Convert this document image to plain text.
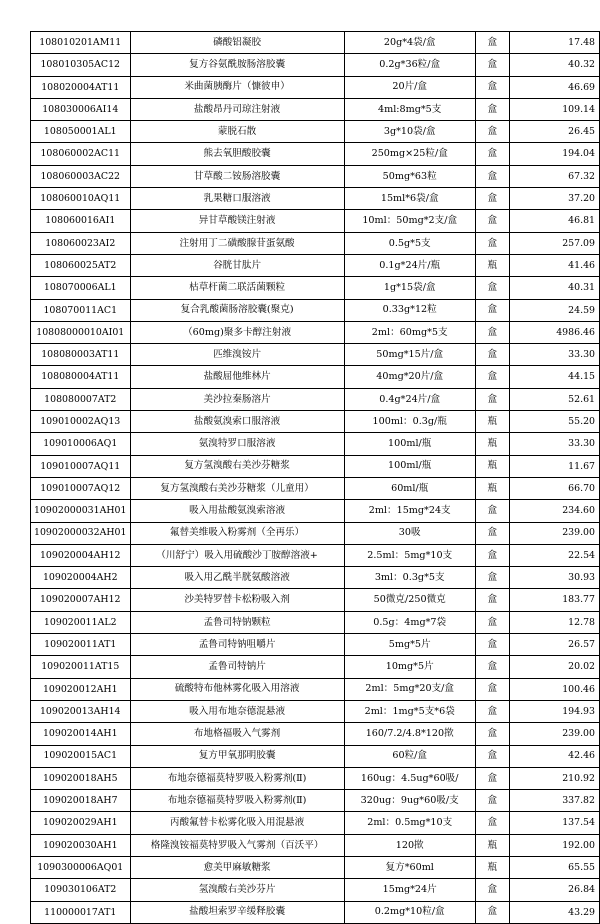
108010201AM11	磷酸铝凝胶	20g*4袋/盒	盒	17.48
108010305AC12	复方谷氨酰胺肠溶胶囊	0.2g*36粒/盒	盒	40.32
108020004AT11	米曲菌胰酶片（慷彼申）	20片/盒	盒	46.69
108030006AI14	盐酸昂丹司琼注射液	4ml:8mg*5支	盒	109.14
108050001AL1	蒙脱石散	3g*10袋/盒	盒	26.45
108060002AC11	熊去氧胆酸胶囊	250mg×25粒/盒	盒	194.04
108060003AC22	甘草酸二铵肠溶胶囊	50mg*63粒	盒	67.32
108060010AQ11	乳果糖口服溶液	15ml*6袋/盒	盒	37.20
108060016AI1	异甘草酸镁注射液	10ml：50mg*2支/盒	盒	46.81
108060023AI2	注射用丁二磺酸腺苷蛋氨酸	0.5g*5支	盒	257.09
108060025AT2	谷胱甘肽片	0.1g*24片/瓶	瓶	41.46
108070006AL1	枯草杆菌二联活菌颗粒	1g*15袋/盒	盒	40.31
108070011AC1	复合乳酸菌肠溶胶囊(聚克)	0.33g*12粒	盒	24.59
10808000010AI01	（60mg)聚多卡醇注射液	2ml：60mg*5支	盒	4986.46
108080003AT11	匹维溴铵片	50mg*15片/盒	盒	33.30
108080004AT11	盐酸屈他维林片	40mg*20片/盒	盒	44.15
108080007AT2	美沙拉秦肠溶片	0.4g*24片/盒	盒	52.61
109010002AQ13	盐酸氨溴索口服溶液	100ml：0.3g/瓶	瓶	55.20
109010006AQ1	氨溴特罗口服溶液	100ml/瓶	瓶	33.30
109010007AQ11	复方氢溴酸右美沙芬糖浆	100ml/瓶	瓶	11.67
109010007AQ12	复方氢溴酸右美沙芬糖浆（儿童用）	60ml/瓶	瓶	66.70
10902000031AH01	吸入用盐酸氨溴索溶液	2ml：15mg*24支	盒	234.60
10902000032AH01	氟替美维吸入粉雾剂（全再乐）	30吸	盒	239.00
109020004AH12	（川舒宁）吸入用硫酸沙丁胺醇溶液+	2.5ml：5mg*10支	盒	22.54
109020004AH2	吸入用乙酰半胱氨酸溶液	3ml：0.3g*5支	盒	30.93
109020007AH12	沙美特罗替卡松粉吸入剂	50微克/250微克	盒	183.77
109020011AL2	孟鲁司特钠颗粒	0.5g：4mg*7袋	盒	12.78
109020011AT1	孟鲁司特钠咀嚼片	5mg*5片	盒	26.57
109020011AT15	孟鲁司特钠片	10mg*5片	盒	20.02
109020012AH1	硫酸特布他林雾化吸入用溶液	2ml：5mg*20支/盒	盒	100.46
109020013AH14	吸入用布地奈德混悬液	2ml：1mg*5支*6袋	盒	194.93
109020014AH1	布地格福吸入气雾剂	160/7.2/4.8*120揿	盒	239.00
109020015AC1	复方甲氧那明胶囊	60粒/盒	盒	42.46
109020018AH5	布地奈德福莫特罗吸入粉雾剂(Ⅱ)	160ug：4.5ug*60吸/	盒	210.92
109020018AH7	布地奈德福莫特罗吸入粉雾剂(Ⅱ)	320ug：9ug*60吸/支	盒	337.82
109020029AH1	丙酸氟替卡松雾化吸入用混悬液	2ml：0.5mg*10支	盒	137.54
109020030AH1	格隆溴铵福莫特罗吸入气雾剂（百沃平）	120揿	瓶	192.00
1090300006AQ01	愈美甲麻敏糖浆	复方*60ml	瓶	65.55
109030106AT2	氢溴酸右美沙芬片	15mg*24片	盒	26.84
110000017AT1	盐酸坦索罗辛缓释胶囊	0.2mg*10粒/盒	盒	43.29
